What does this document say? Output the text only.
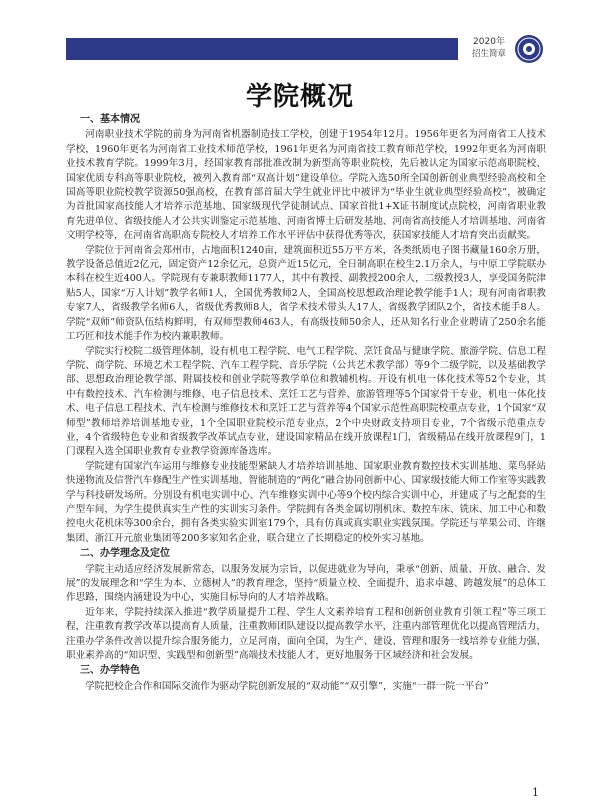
2020年
招生简章
学院概况
一、基本情况

河南职业技术学院的前身为河南省机器制造技工学校，创建于1954年12月。1956年更名为河南省工人技术学校，1960年更名为河南省工业技术师范学校，1961年更名为河南省技工教育师范学校，1992年更名为河南职业技术教育学院。1999年3月，经国家教育部批准改制为新型高等职业院校，先后被认定为国家示范高职院校、国家优质专科高等职业院校，被列入教育部“双高计划”建设单位。学院入选50所全国创新创业典型经验高校和全国高等职业院校教学资源50强高校，在教育部首届大学生就业评比中被评为“毕业生就业典型经验高校”，被确定为首批国家高技能人才培养示范基地、国家级现代学徒制试点、国家首批1+X证书制度试点院校，河南省职业教育先进单位、省级技能人才公共实训鉴定示范基地、河南省博士后研发基地、河南省高技能人才培训基地、河南省文明学校等，在河南省高职高专院校人才培养工作水平评估中获得优秀等次，获国家技能人才培育突出贡献奖。

学院位于河南省会郑州市，占地面积1240亩，建筑面积近55万平方米，各类纸质电子图书藏量160余万册，教学设备总值近2亿元，固定资产12余亿元，总资产近15亿元，全日制高职在校生2.1万余人，与中原工学院联办本科在校生近400人。学院现有专兼职教师1177人，其中有教授、副教授200余人，二级教授3人，享受国务院津贴5人，国家“万人计划”教学名师1人，全国优秀教师2人，全国高校思想政治理论教学能手1人；现有河南省职教专家7人，省级教学名师6人，省级优秀教师8人，省学术技术带头人17人，省级教学团队2个，省技术能手8人。学院“双师”师资队伍结构鲜明，有双师型教师463人，有高级技师50余人，还从知名行业企业聘请了250余名能工巧匠和技术能手作为校内兼职教师。

学院实行校院二级管理体制，设有机电工程学院、电气工程学院、烹饪食品与健康学院、旅游学院、信息工程学院、商学院、环境艺术工程学院、汽车工程学院、音乐学院（公共艺术教学部）等9个二级学院，以及基础教学部、思想政治理论教学部、附属技校和创业学院等教学单位和教辅机构。开设有机电一体化技术等52个专业，其中有数控技术、汽车检测与维修、电子信息技术、烹饪工艺与营养、旅游管理等5个国家骨干专业，机电一体化技术、电子信息工程技术、汽车检测与维修技术和烹饪工艺与营养等4个国家示范性高职院校重点专业，1个国家“双师型”教师培养培训基地专业，1个全国职业院校示范专业点，2个中央财政支持项目专业，7个省级示范重点专业，4个省级特色专业和省级教学改革试点专业，建设国家精品在线开放课程1门，省级精品在线开放课程9门，1门课程入选全国职业教育专业教学资源库备选库。

学院建有国家汽车运用与维修专业技能型紧缺人才培养培训基地、国家职业教育数控技术实训基地、菜鸟驿站快递物流及信誉汽车修配生产性实训基地、智能制造的“两化”融合协同创新中心、国家级技能大师工作室等实践教学与科技研发场所。分别设有机电实训中心、汽车维修实训中心等9个校内综合实训中心，并建成了与之配套的生产型车间，为学生提供真实生产性的实训实习条件。学院拥有各类金属切削机床、数控车床、铣床、加工中心和数控电火花机床等300余台，拥有各类实验实训室179个，具有仿真或真实职业实践氛围。学院还与苹果公司、许继集团、浙江开元旅业集团等200多家知名企业，联合建立了长期稳定的校外实习基地。

二、办学理念及定位

学院主动适应经济发展新常态，以服务发展为宗旨，以促进就业为导向，秉承“创新、质量、开放、融合、发展”的发展理念和“学生为本、立德树人”的教育理念，坚持“质量立校、全面提升、追求卓越、跨越发展”的总体工作思路，围绕内涵建设为中心，实施目标导向的人才培养战略。

近年来，学院持续深入推进“教学质量提升工程、学生人文素养培育工程和创新创业教育引领工程”等三项工程，注重教育教学改革以提高育人质量，注重教师团队建设以提高教学水平，注重内部管理优化以提高管理活力，注重办学条件改善以提升综合服务能力，立足河南，面向全国，为生产、建设、管理和服务一线培养专业能力强、职业素养高的“知识型、实践型和创新型”高端技术技能人才，更好地服务于区域经济和社会发展。

三、办学特色

学院把校企合作和国际交流作为驱动学院创新发展的“双动能”“双引擎”，实施“一群一院一平台”

1
